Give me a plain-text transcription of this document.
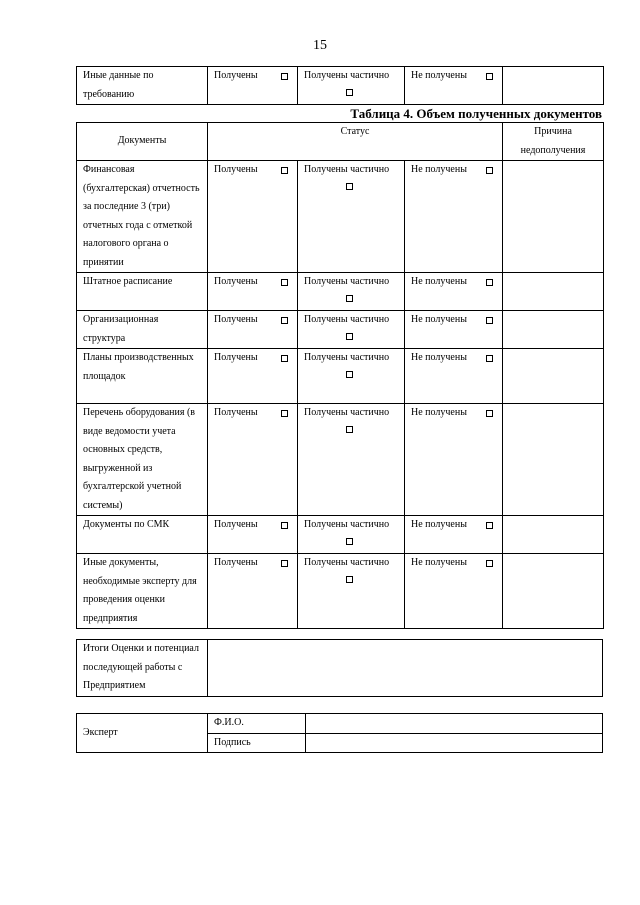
15
Иные данные по требованию	Получены	Получены частично	Не получены

Таблица 4. Объем полученных документов
Документы	Статус			Причина недополучения
Финансовая (бухгалтерская) отчетность за последние 3 (три) отчетных года с отметкой налогового органа о принятии	Получены	Получены частично	Не получены

Штатное расписание	Получены	Получены частично	Не получены

Организационная структура	Получены	Получены частично	Не получены

Планы производственных площадок	Получены	Получены частично	Не получены

Перечень оборудования (в виде ведомости учета основных средств, выгруженной из бухгалтерской учетной системы)	Получены	Получены частично	Не получены

Документы по СМК	Получены	Получены частично	Не получены

Иные документы, необходимые эксперту для проведения оценки предприятия	Получены	Получены частично	Не получены

Итоги Оценки и потенциал последующей работы с Предприятием	
Эксперт	Ф.И.О.	
	Подпись	
